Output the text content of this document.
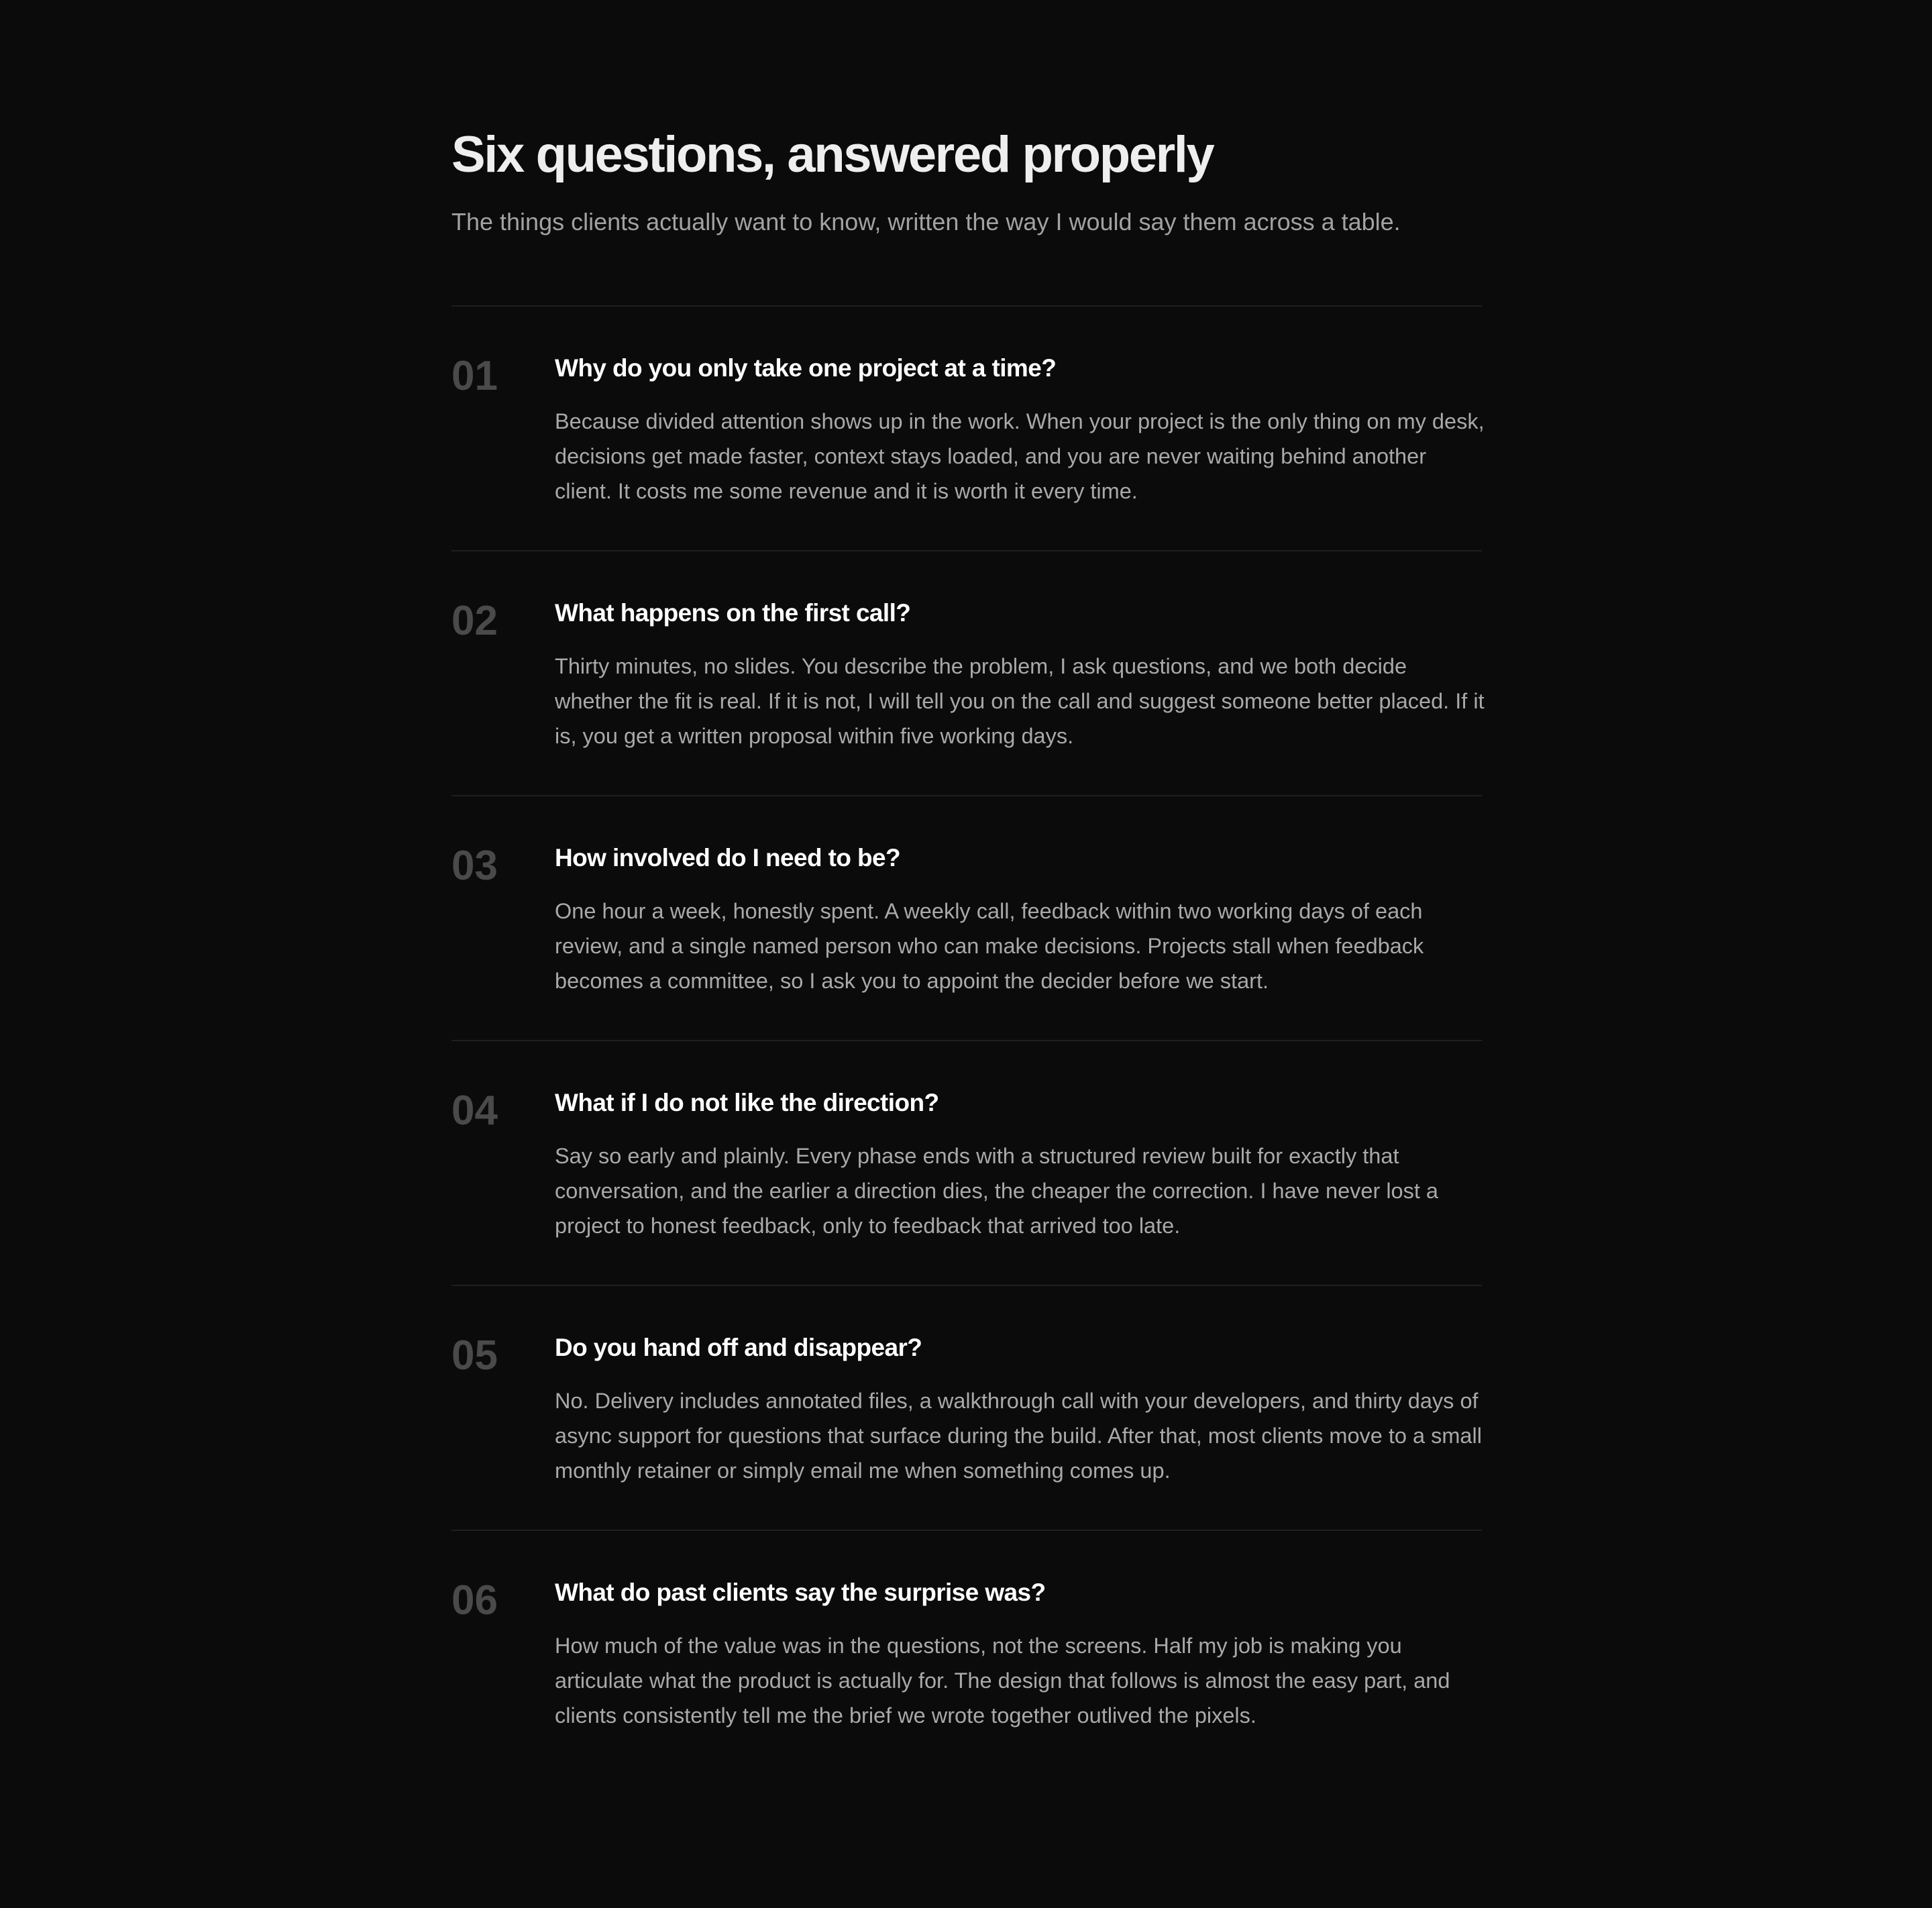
Six questions, answered properly

The things clients actually want to know, written the way I would say them across a table.

01 Why do you only take one project at a time?

Because divided attention shows up in the work. When your project is the only thing on my desk, decisions get made faster, context stays loaded, and you are never waiting behind another client. It costs me some revenue and it is worth it every time.

02 What happens on the first call?

Thirty minutes, no slides. You describe the problem, I ask questions, and we both decide whether the fit is real. If it is not, I will tell you on the call and suggest someone better placed. If it is, you get a written proposal within five working days.

03 How involved do I need to be?

One hour a week, honestly spent. A weekly call, feedback within two working days of each review, and a single named person who can make decisions. Projects stall when feedback becomes a committee, so I ask you to appoint the decider before we start.

04 What if I do not like the direction?

Say so early and plainly. Every phase ends with a structured review built for exactly that conversation, and the earlier a direction dies, the cheaper the correction. I have never lost a project to honest feedback, only to feedback that arrived too late.

05 Do you hand off and disappear?

No. Delivery includes annotated files, a walkthrough call with your developers, and thirty days of async support for questions that surface during the build. After that, most clients move to a small monthly retainer or simply email me when something comes up.

06 What do past clients say the surprise was?

How much of the value was in the questions, not the screens. Half my job is making you articulate what the product is actually for. The design that follows is almost the easy part, and clients consistently tell me the brief we wrote together outlived the pixels.
